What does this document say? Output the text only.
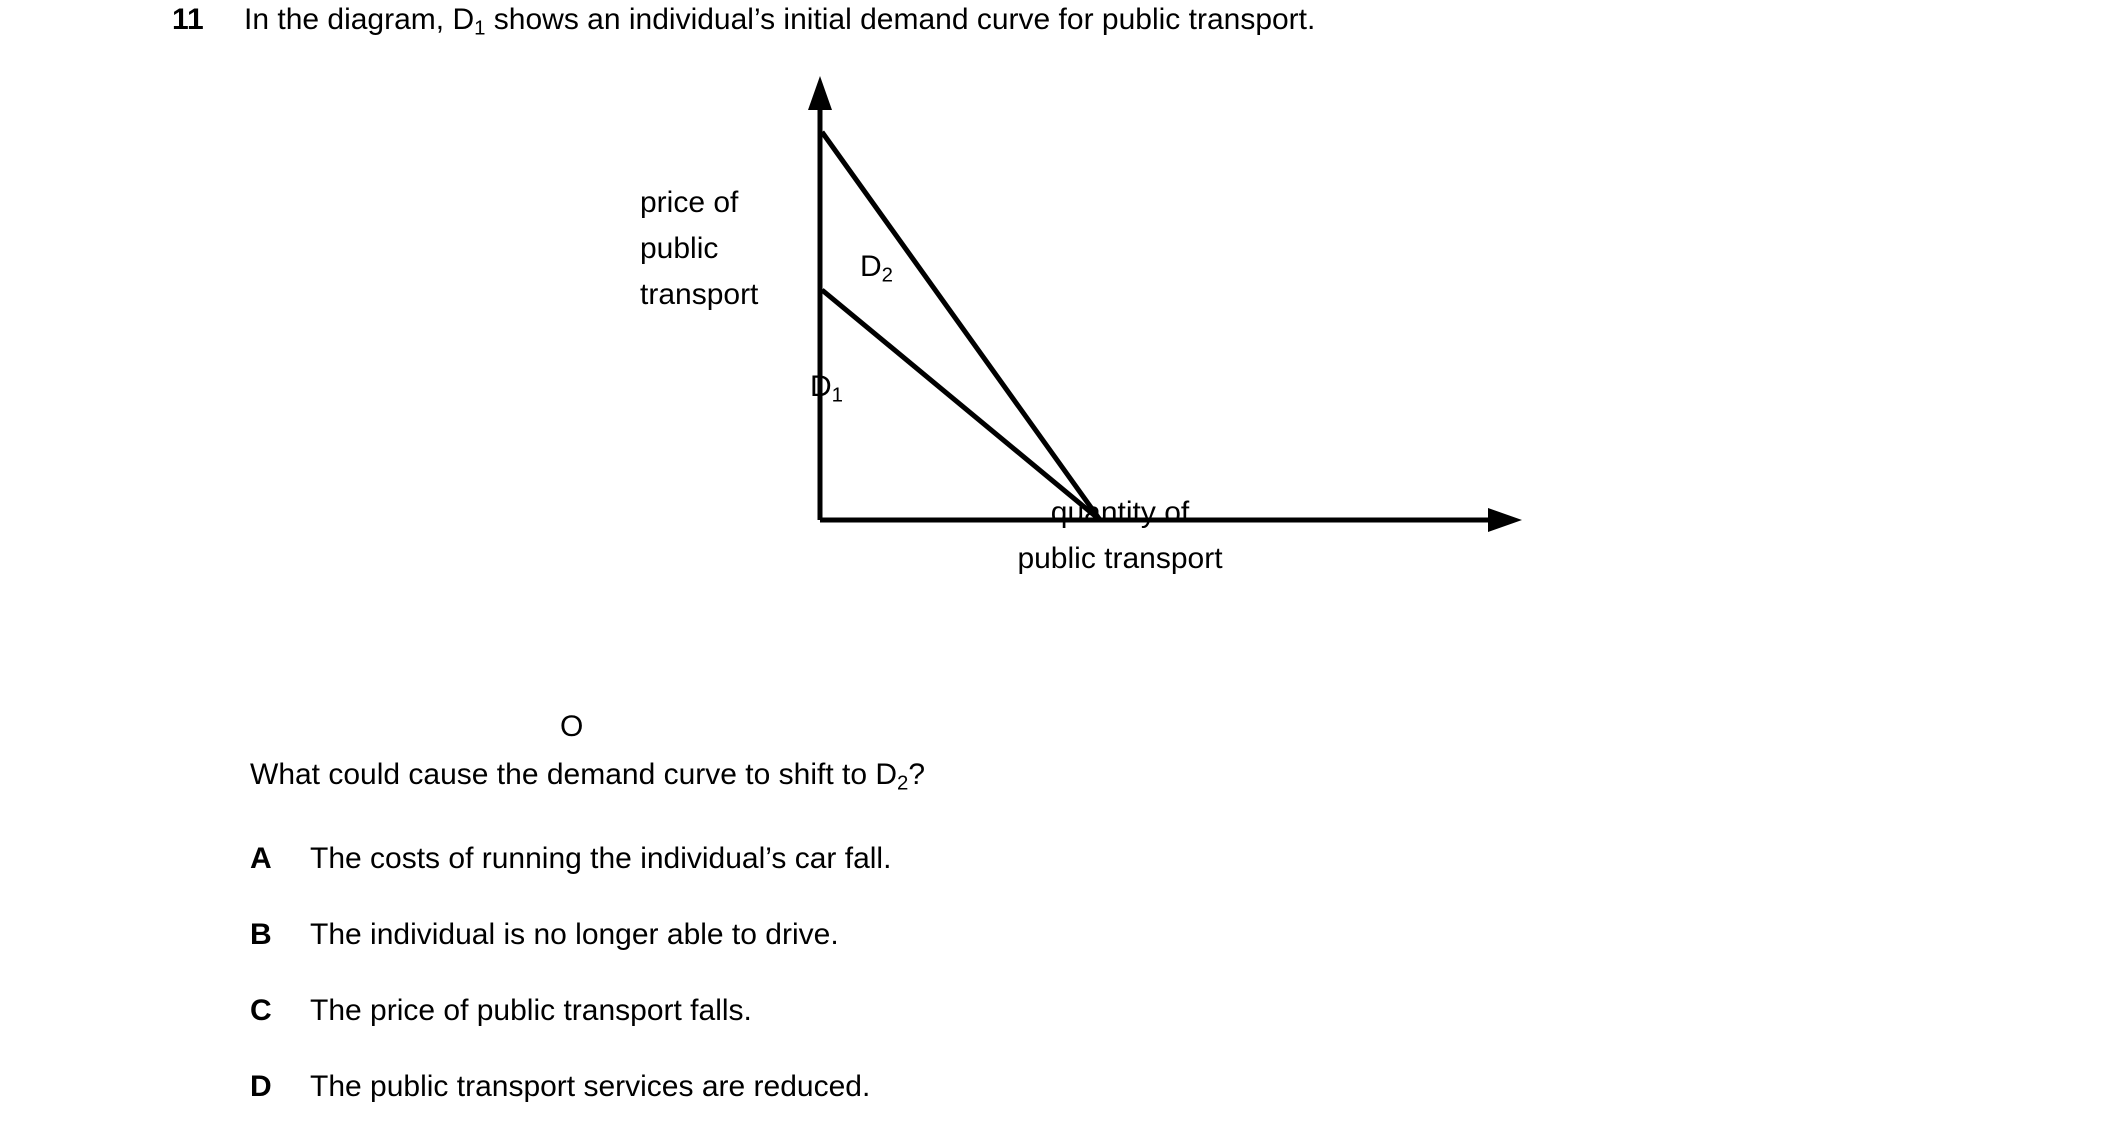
11	In the diagram, $D_1$ shows an individual’s initial demand curve for public transport.
price of
public
transport
quantity of
public transport
O
$D_2$
$D_1$
What could cause the demand curve to shift to $D_2$?
A	The costs of running the individual’s car fall.
B	The individual is no longer able to drive.
C	The price of public transport falls.
D	The public transport services are reduced.
